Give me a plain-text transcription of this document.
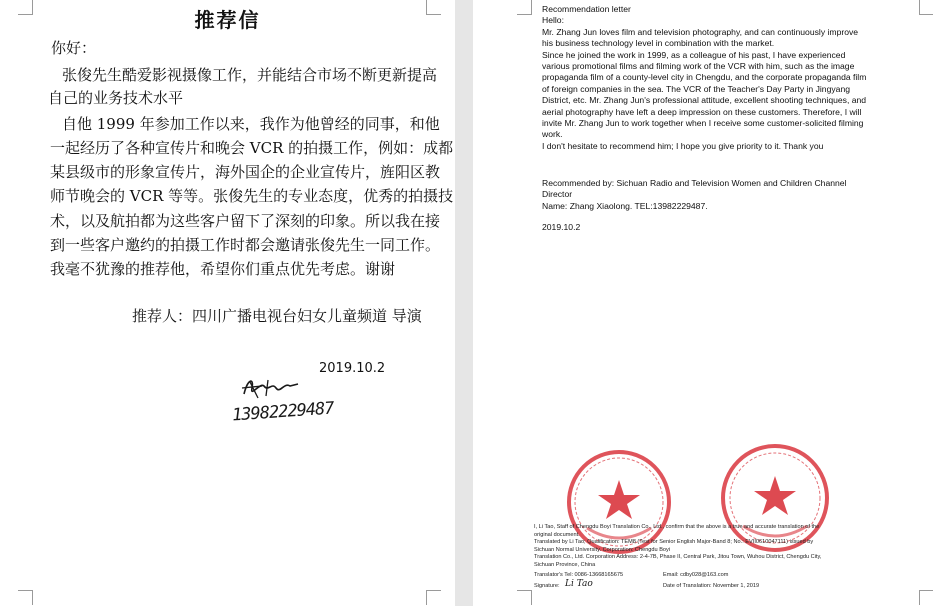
推荐信
你好：
张俊先生酷爱影视摄像工作，并能结合市场不断更新提高
自己的业务技术水平
自他 1999 年参加工作以来，我作为他曾经的同事，和他
一起经历了各种宣传片和晚会 VCR 的拍摄工作，例如：成都
某县级市的形象宣传片，海外国企的企业宣传片，旌阳区教
师节晚会的 VCR 等等。张俊先生的专业态度，优秀的拍摄技
术，以及航拍都为这些客户留下了深刻的印象。所以我在接
到一些客户邀约的拍摄工作时都会邀请张俊先生一同工作。
我毫不犹豫的推荐他，希望你们重点优先考虑。谢谢
推荐人：四川广播电视台妇女儿童频道 导演
2019.10.2
13982229487

Recommendation letter

Hello:

Mr. Zhang Jun loves film and television photography, and can continuously improve

his business technology level in combination with the market.

Since he joined the work in 1999, as a colleague of his past, I have experienced

various promotional films and filming work of the VCR with him, such as the image

propaganda film of a county-level city in Chengdu, and the corporate propaganda film

of foreign companies in the sea. The VCR of the Teacher's Day Party in Jingyang

District, etc. Mr. Zhang Jun's professional attitude, excellent shooting techniques, and

aerial photography have left a deep impression on these customers. Therefore, I will

invite Mr. Zhang Jun to work together when I receive some customer-solicited filming

work.

I don't hesitate to recommend him; I hope you give priority to it. Thank you

Recommended by: Sichuan Radio and Television Women and Children Channel
Director
Name: Zhang Xiaolong. TEL:13982229487.
2019.10.2

I, Li Tao, Staff of Chengdu Boyi Translation Co., Ltd., confirm that the above is a true and accurate translation of the

original document.

Translated by Li Tao; Qualification: TEM8 (Test for Senior English Major-Band 8; No.: EVII0610047111) issued by

Sichuan Normal University. Corporation: Chengdu Boyi

Translation Co., Ltd. Corporation Address: 2-4-7B, Phase II, Central Park, Jitou Town, Wuhou District, Chengdu City,

Sichuan Province, China

Translator's Tel: 0086-13668165675	Email: cdby028@163.com
Signature: Li Tao	Date of Translation: November 1, 2019
